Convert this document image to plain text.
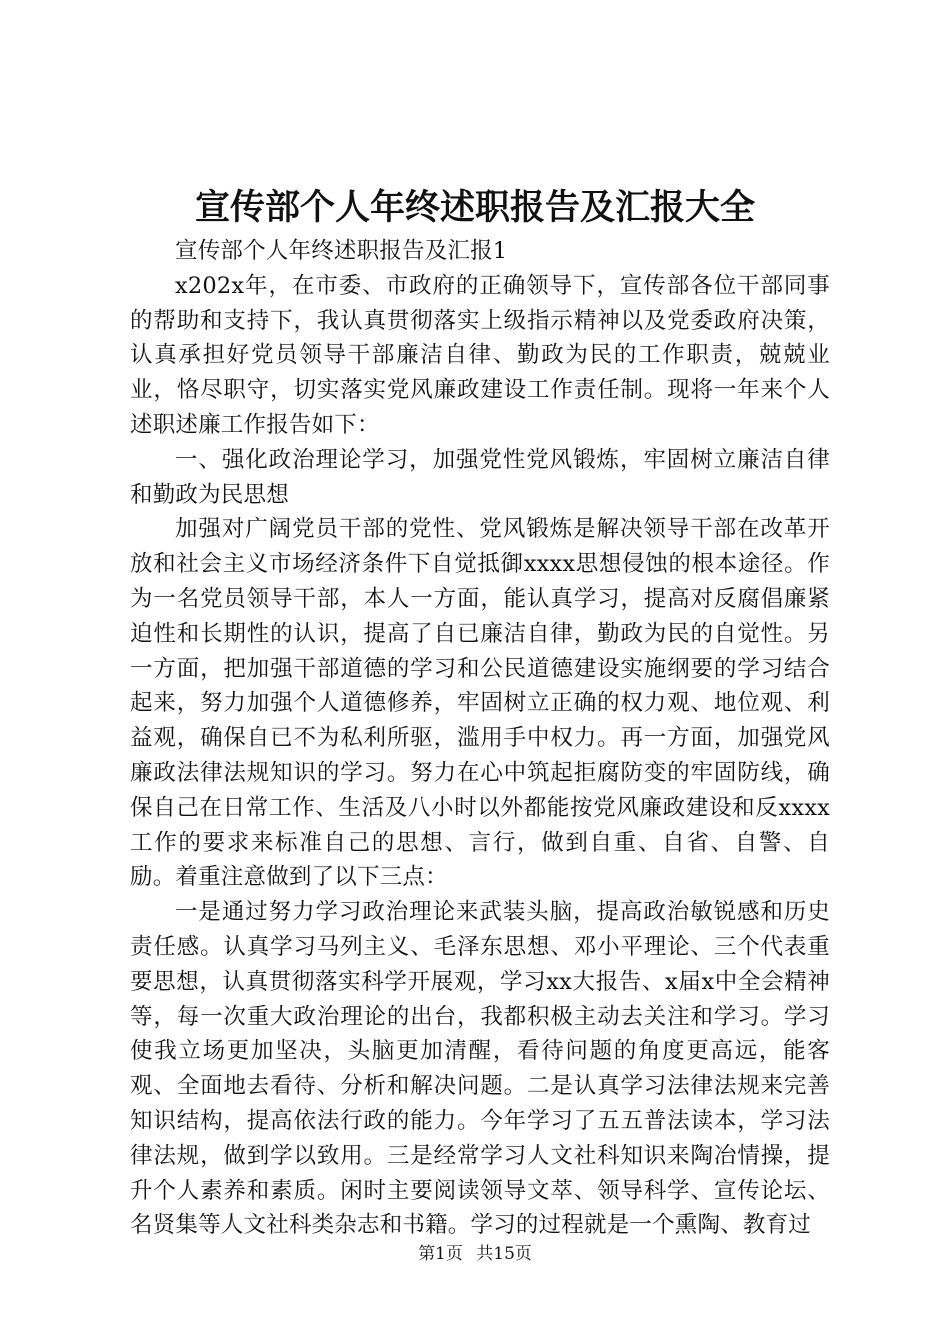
宣传部个人年终述职报告及汇报大全

宣传部个人年终述职报告及汇报1

x202x年，在市委、市政府的正确领导下，宣传部各位干部同事的帮助和支持下，我认真贯彻落实上级指示精神以及党委政府决策，认真承担好党员领导干部廉洁自律、勤政为民的工作职责，兢兢业业，恪尽职守，切实落实党风廉政建设工作责任制。现将一年来个人述职述廉工作报告如下：

一、强化政治理论学习，加强党性党风锻炼，牢固树立廉洁自律和勤政为民思想

加强对广阔党员干部的党性、党风锻炼是解决领导干部在改革开放和社会主义市场经济条件下自觉抵御xxxx思想侵蚀的根本途径。作为一名党员领导干部，本人一方面，能认真学习，提高对反腐倡廉紧迫性和长期性的认识，提高了自已廉洁自律，勤政为民的自觉性。另一方面，把加强干部道德的学习和公民道德建设实施纲要的学习结合起来，努力加强个人道德修养，牢固树立正确的权力观、地位观、利益观，确保自已不为私利所驱，滥用手中权力。再一方面，加强党风廉政法律法规知识的学习。努力在心中筑起拒腐防变的牢固防线，确保自己在日常工作、生活及八小时以外都能按党风廉政建设和反xxxx工作的要求来标准自己的思想、言行，做到自重、自省、自警、自励。着重注意做到了以下三点：

一是通过努力学习政治理论来武装头脑，提高政治敏锐感和历史责任感。认真学习马列主义、毛泽东思想、邓小平理论、三个代表重要思想，认真贯彻落实科学开展观，学习xx大报告、x届x中全会精神等，每一次重大政治理论的出台，我都积极主动去关注和学习。学习使我立场更加坚决，头脑更加清醒，看待问题的角度更高远，能客观、全面地去看待、分析和解决问题。二是认真学习法律法规来完善知识结构，提高依法行政的能力。今年学习了五五普法读本，学习法律法规，做到学以致用。三是经常学习人文社科知识来陶冶情操，提升个人素养和素质。闲时主要阅读领导文萃、领导科学、宣传论坛、名贤集等人文社科类杂志和书籍。学习的过程就是一个熏陶、教育过

第1页 共15页
